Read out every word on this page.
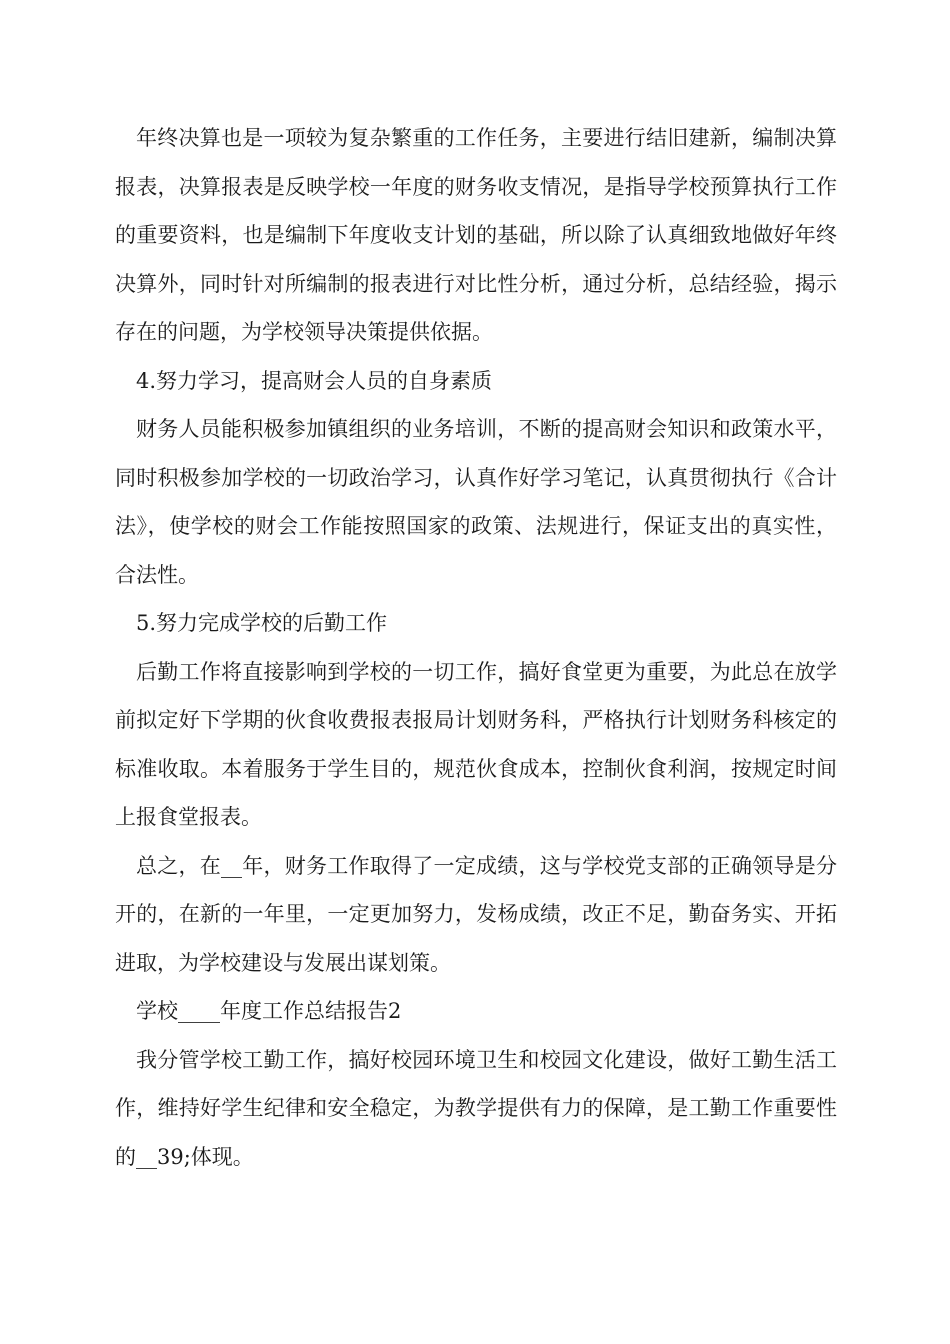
年终决算也是一项较为复杂繁重的工作任务，主要进行结旧建新，编制决算报表，决算报表是反映学校一年度的财务收支情况，是指导学校预算执行工作的重要资料，也是编制下年度收支计划的基础，所以除了认真细致地做好年终决算外，同时针对所编制的报表进行对比性分析，通过分析，总结经验，揭示存在的问题，为学校领导决策提供依据。

4.努力学习，提高财会人员的自身素质

财务人员能积极参加镇组织的业务培训，不断的提高财会知识和政策水平，同时积极参加学校的一切政治学习，认真作好学习笔记，认真贯彻执行《合计法》，使学校的财会工作能按照国家的政策、法规进行，保证支出的真实性，合法性。

5.努力完成学校的后勤工作

后勤工作将直接影响到学校的一切工作，搞好食堂更为重要，为此总在放学前拟定好下学期的伙食收费报表报局计划财务科，严格执行计划财务科核定的标准收取。本着服务于学生目的，规范伙食成本，控制伙食利润，按规定时间上报食堂报表。

总之，在__年，财务工作取得了一定成绩，这与学校党支部的正确领导是分开的，在新的一年里，一定更加努力，发杨成绩，改正不足，勤奋务实、开拓进取，为学校建设与发展出谋划策。

学校____年度工作总结报告2

我分管学校工勤工作，搞好校园环境卫生和校园文化建设，做好工勤生活工作，维持好学生纪律和安全稳定，为教学提供有力的保障，是工勤工作重要性的__39;体现。
